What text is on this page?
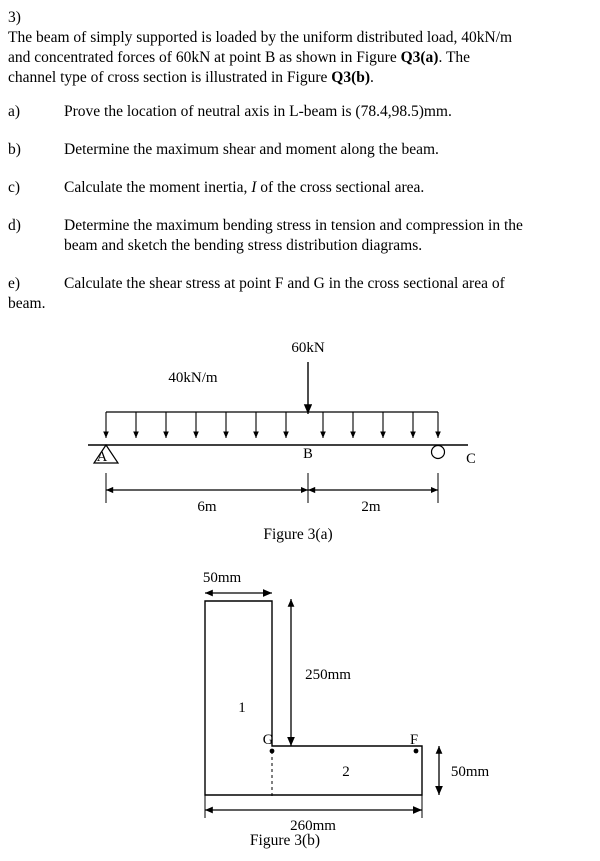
3)
The beam of simply supported is loaded by the uniform distributed load, 40kN/m
and concentrated forces of 60kN at point B as shown in Figure Q3(a). The
channel type of cross section is illustrated in Figure Q3(b).
a)	Prove the location of neutral axis in L-beam is (78.4,98.5)mm.
b)	Determine the maximum shear and moment along the beam.
c)	Calculate the moment inertia, I of the cross sectional area.
d)	Determine the maximum bending stress in tension and compression in the
beam and sketch the bending stress distribution diagrams.
e)	Calculate the shear stress at point F and G in the cross sectional area of
beam.
60kN
40kN/m
A	C
B
6m	2m
Figure 3(a)
50mm
250mm
1
2
G	F
50mm
260mm
Figure 3(b)
